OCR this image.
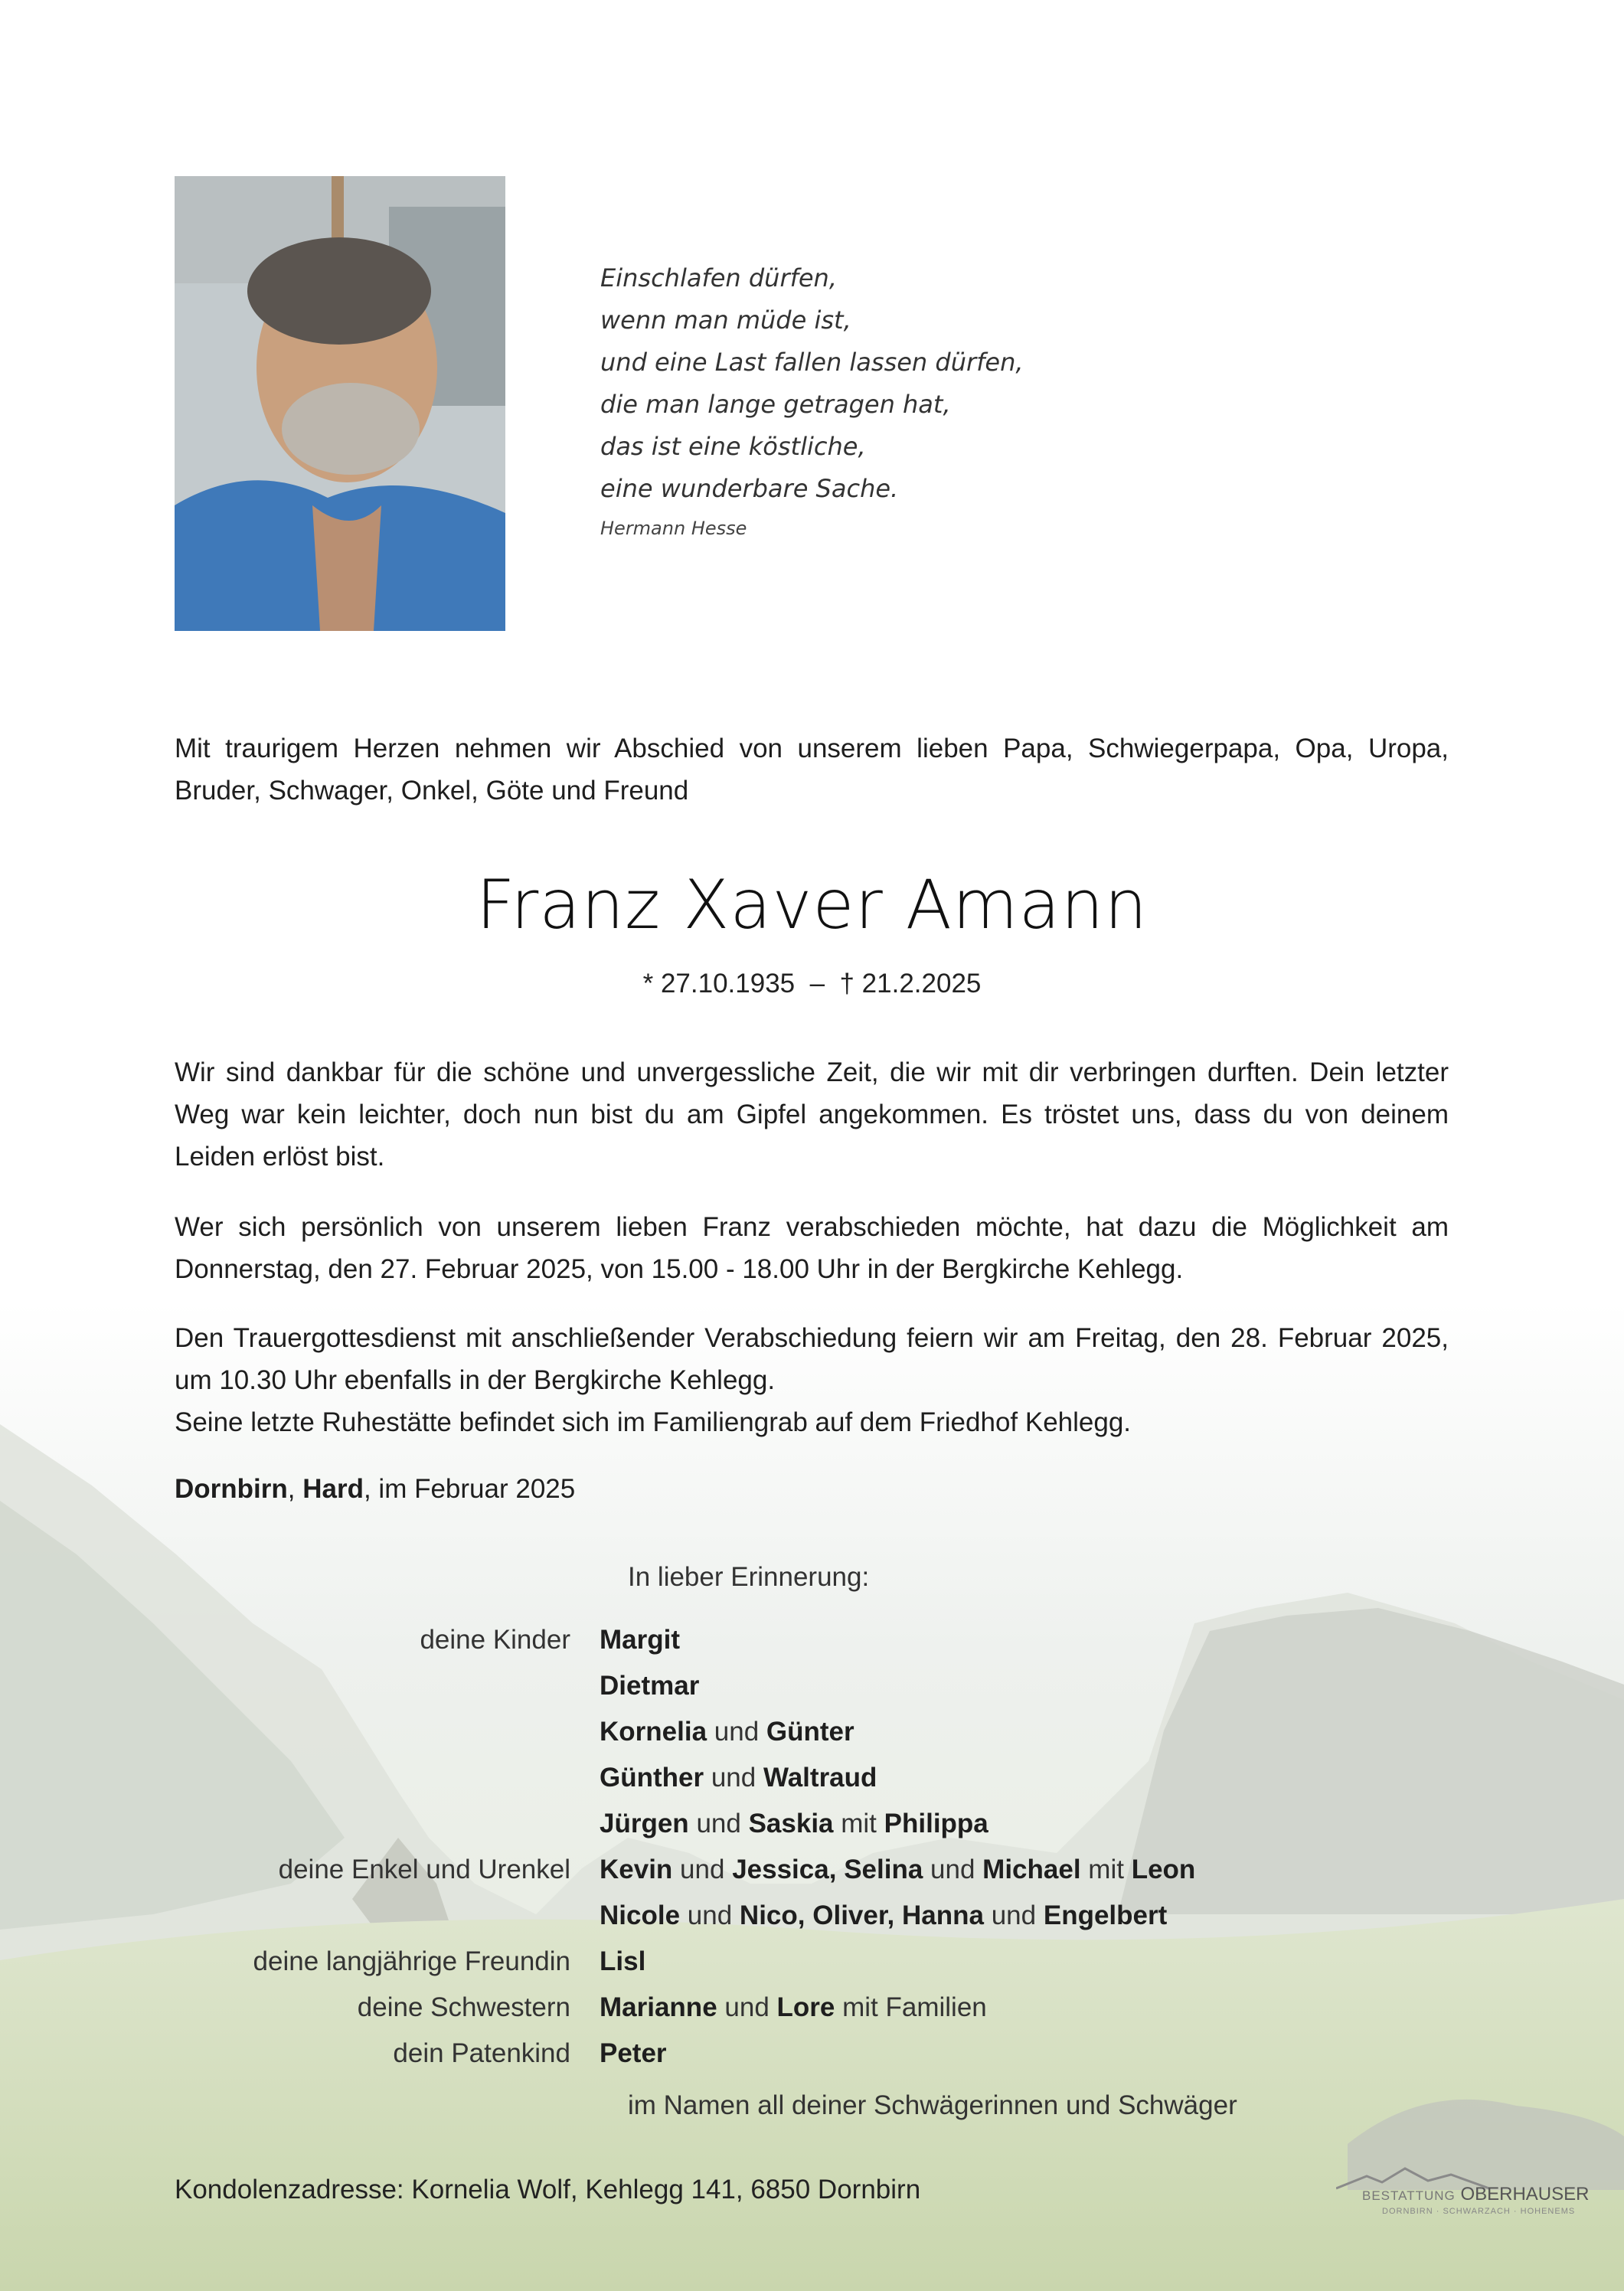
Einschlafen dürfen,
wenn man müde ist,
und eine Last fallen lassen dürfen,
die man lange getragen hat,
das ist eine köstliche,
eine wunderbare Sache.
Hermann Hesse
Mit traurigem Herzen nehmen wir Abschied von unserem lieben Papa, Schwiegerpapa, Opa, Uropa,
Bruder, Schwager, Onkel, Göte und Freund
Franz Xaver Amann
* 27.10.1935  –  † 21.2.2025
Wir sind dankbar für die schöne und unvergessliche Zeit, die wir mit dir verbringen durften. Dein letzter
Weg war kein leichter, doch nun bist du am Gipfel angekommen. Es tröstet uns, dass du von deinem
Leiden erlöst bist.
Wer sich persönlich von unserem lieben Franz verabschieden möchte, hat dazu die Möglichkeit am
Donnerstag, den 27. Februar 2025, von 15.00 - 18.00 Uhr in der Bergkirche Kehlegg.
Den Trauergottesdienst mit anschließender Verabschiedung feiern wir am Freitag, den 28. Februar 2025,
um 10.30 Uhr ebenfalls in der Bergkirche Kehlegg.
Seine letzte Ruhestätte befindet sich im Familiengrab auf dem Friedhof Kehlegg.
Dornbirn, Hard, im Februar 2025
In lieber Erinnerung:
deine Kinder	Margit
Dietmar
Kornelia und Günter
Günther und Waltraud
Jürgen und Saskia mit Philippa
deine Enkel und Urenkel	Kevin und Jessica, Selina und Michael mit Leon
Nicole und Nico, Oliver, Hanna und Engelbert
deine langjährige Freundin	Lisl
deine Schwestern	Marianne und Lore mit Familien
dein Patenkind	Peter
im Namen all deiner Schwägerinnen und Schwäger
Kondolenzadresse: Kornelia Wolf, Kehlegg 141, 6850 Dornbirn	BESTATTUNG OBERHAUSER
DORNBIRN · SCHWARZACH · HOHENEMS
